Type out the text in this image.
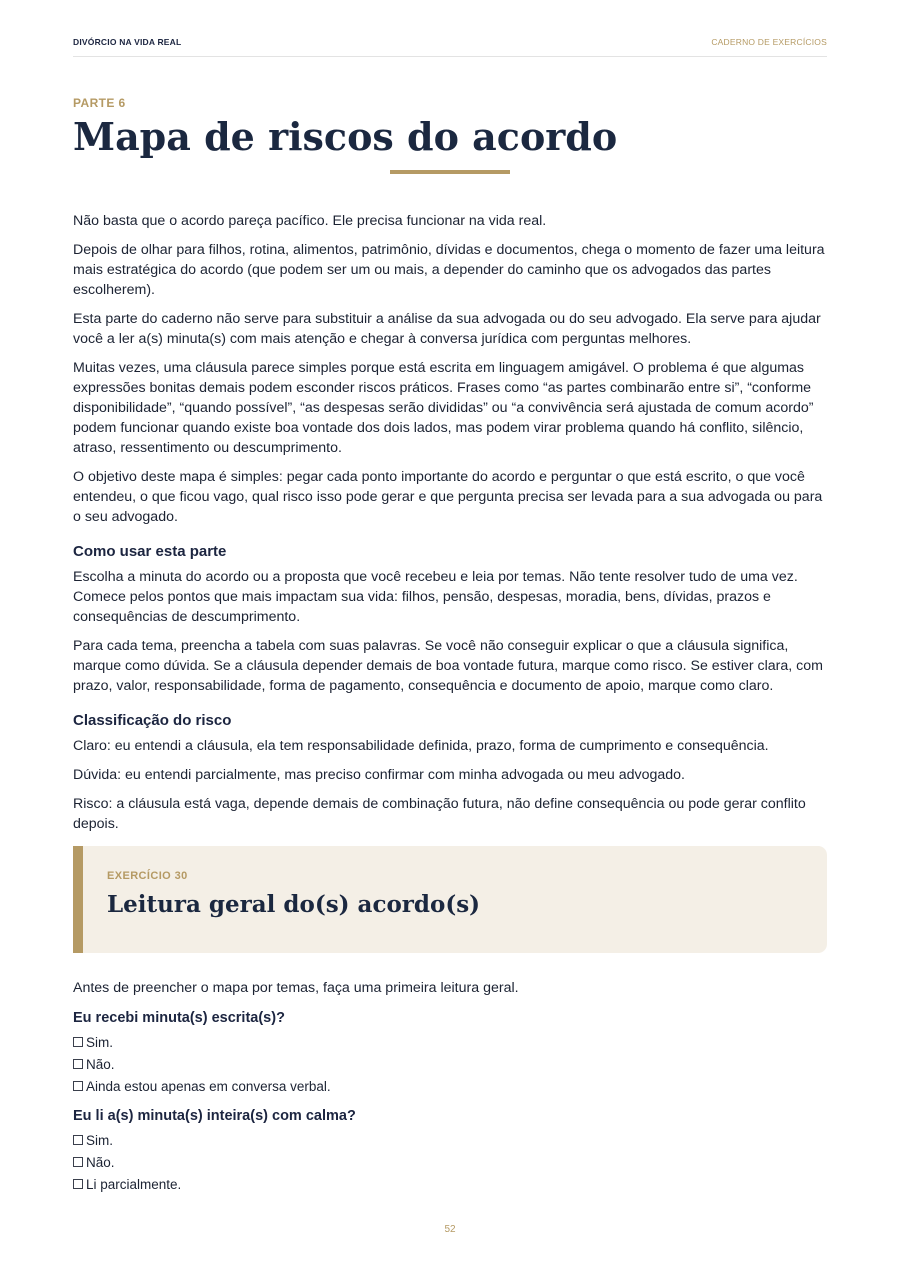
DIVÓRCIO NA VIDA REAL	CADERNO DE EXERCÍCIOS
PARTE 6
Mapa de riscos do acordo

Não basta que o acordo pareça pacífico. Ele precisa funcionar na vida real.

Depois de olhar para filhos, rotina, alimentos, patrimônio, dívidas e documentos, chega o momento de fazer uma leitura mais estratégica do acordo (que podem ser um ou mais, a depender do caminho que os advogados das partes escolherem).

Esta parte do caderno não serve para substituir a análise da sua advogada ou do seu advogado. Ela serve para ajudar você a ler a(s) minuta(s) com mais atenção e chegar à conversa jurídica com perguntas melhores.

Muitas vezes, uma cláusula parece simples porque está escrita em linguagem amigável. O problema é que algumas expressões bonitas demais podem esconder riscos práticos. Frases como “as partes combinarão entre si”, “conforme disponibilidade”, “quando possível”, “as despesas serão divididas” ou “a convivência será ajustada de comum acordo” podem funcionar quando existe boa vontade dos dois lados, mas podem virar problema quando há conflito, silêncio, atraso, ressentimento ou descumprimento.

O objetivo deste mapa é simples: pegar cada ponto importante do acordo e perguntar o que está escrito, o que você entendeu, o que ficou vago, qual risco isso pode gerar e que pergunta precisa ser levada para a sua advogada ou para o seu advogado.

Como usar esta parte

Escolha a minuta do acordo ou a proposta que você recebeu e leia por temas. Não tente resolver tudo de uma vez. Comece pelos pontos que mais impactam sua vida: filhos, pensão, despesas, moradia, bens, dívidas, prazos e consequências de descumprimento.

Para cada tema, preencha a tabela com suas palavras. Se você não conseguir explicar o que a cláusula significa, marque como dúvida. Se a cláusula depender demais de boa vontade futura, marque como risco. Se estiver clara, com prazo, valor, responsabilidade, forma de pagamento, consequência e documento de apoio, marque como claro.

Classificação do risco

Claro: eu entendi a cláusula, ela tem responsabilidade definida, prazo, forma de cumprimento e consequência.

Dúvida: eu entendi parcialmente, mas preciso confirmar com minha advogada ou meu advogado.

Risco: a cláusula está vaga, depende demais de combinação futura, não define consequência ou pode gerar conflito depois.

EXERCÍCIO 30
Leitura geral do(s) acordo(s)

Antes de preencher o mapa por temas, faça uma primeira leitura geral.

Eu recebi minuta(s) escrita(s)?
Sim.
Não.
Ainda estou apenas em conversa verbal.
Eu li a(s) minuta(s) inteira(s) com calma?
Sim.
Não.
Li parcialmente.
52
